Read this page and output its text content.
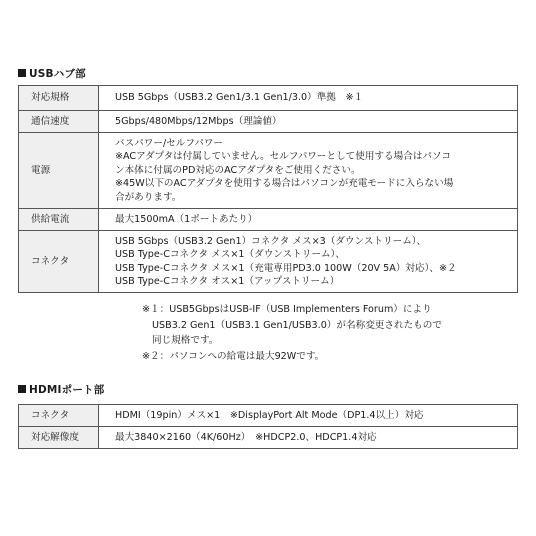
USBハブ部
対応規格	USB 5Gbps（USB3.2 Gen1/3.1 Gen1/3.0）準拠　※１

通信速度	5Gbps/480Mbps/12Mbps（理論値）

電源	バスパワー/セルフパワー
※ACアダプタは付属していません。セルフパワーとして使用する場合はパソコ
ン本体に付属のPD対応のACアダプタをご使用ください。
※45W以下のACアダプタを使用する場合はパソコンが充電モードに入らない場
合があります。

供給電流	最大1500mA（1ポートあたり）

コネクタ	USB 5Gbps（USB3.2 Gen1）コネクタ メス×3（ダウンストリーム）、
USB Type-Cコネクタ メス×1（ダウンストリーム）、
USB Type-Cコネクタ メス×1（充電専用PD3.0 100W（20V 5A）対応）、※２
USB Type-Cコネクタ オス×1（アップストリーム）
※１：USB5GbpsはUSB-IF（USB Implementers Forum）により
USB3.2 Gen1（USB3.1 Gen1/USB3.0）が名称変更されたもので
同じ規格です。
※２：パソコンへの給電は最大92Wです。
HDMIポート部
コネクタ	HDMI（19pin）メス×1　※DisplayPort Alt Mode（DP1.4以上）対応

対応解像度	最大3840×2160（4K/60Hz）　※HDCP2.0、HDCP1.4対応
